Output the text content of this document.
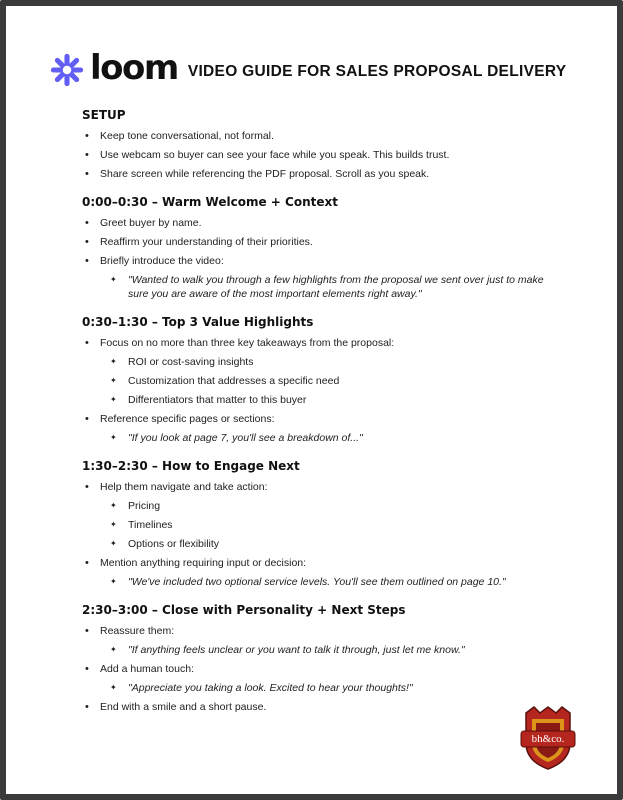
loom VIDEO GUIDE FOR SALES PROPOSAL DELIVERY
SETUP
• Keep tone conversational, not formal.
• Use webcam so buyer can see your face while you speak. This builds trust.
• Share screen while referencing the PDF proposal. Scroll as you speak.
0:00–0:30 – Warm Welcome + Context
• Greet buyer by name.
• Reaffirm your understanding of their priorities.
• Briefly introduce the video:
✦ "Wanted to walk you through a few highlights from the proposal we sent over just to make sure you are aware of the most important elements right away."
0:30–1:30 – Top 3 Value Highlights
• Focus on no more than three key takeaways from the proposal:
✦ ROI or cost-saving insights
✦ Customization that addresses a specific need
✦ Differentiators that matter to this buyer
• Reference specific pages or sections:
✦ "If you look at page 7, you'll see a breakdown of..."
1:30–2:30 – How to Engage Next
• Help them navigate and take action:
✦ Pricing
✦ Timelines
✦ Options or flexibility
• Mention anything requiring input or decision:
✦ "We've included two optional service levels. You'll see them outlined on page 10."
2:30–3:00 – Close with Personality + Next Steps
• Reassure them:
✦ "If anything feels unclear or you want to talk it through, just let me know."
• Add a human touch:
✦ "Appreciate you taking a look. Excited to hear your thoughts!"
• End with a smile and a short pause.
bh&co.
